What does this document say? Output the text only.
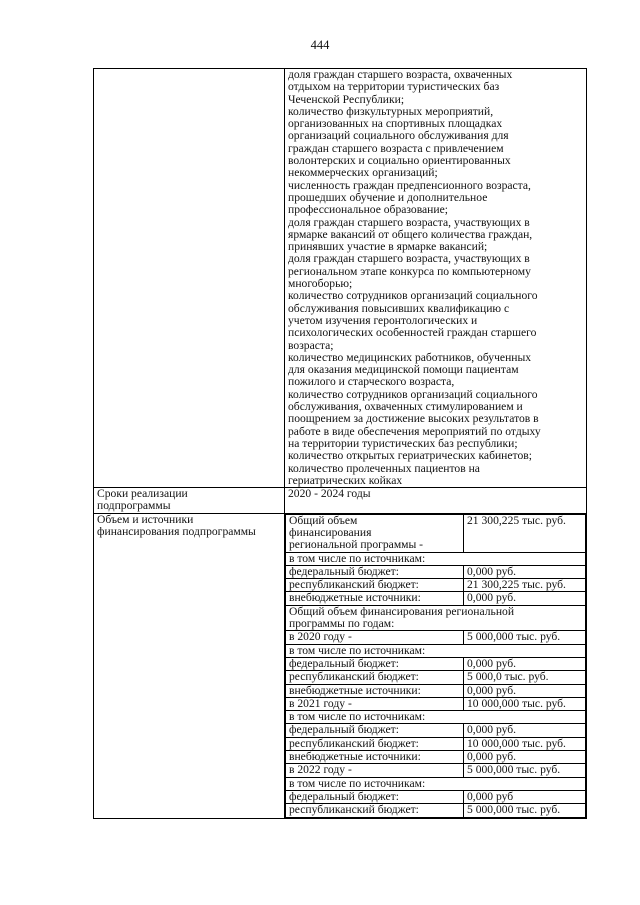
444

доля граждан старшего возраста, охваченных
отдыхом на территории туристических баз
Чеченской Республики;
количество физкультурных мероприятий,
организованных на спортивных площадках
организаций социального обслуживания для
граждан старшего возраста с привлечением
волонтерских и социально ориентированных
некоммерческих организаций;
численность граждан предпенсионного возраста,
прошедших обучение и дополнительное
профессиональное образование;
доля граждан старшего возраста, участвующих в
ярмарке вакансий от общего количества граждан,
принявших участие в ярмарке вакансий;
доля граждан старшего возраста, участвующих в
региональном этапе конкурса по компьютерному
многоборью;
количество сотрудников организаций социального
обслуживания повысивших квалификацию с
учетом изучения геронтологических и
психологических особенностей граждан старшего
возраста;
количество медицинских работников, обученных
для оказания медицинской помощи пациентам
пожилого и старческого возраста,
количество сотрудников организаций социального
обслуживания, охваченных стимулированием и
поощрением за достижение высоких результатов в
работе в виде обеспечения мероприятий по отдыху
на территории туристических баз республики;
количество открытых гериатрических кабинетов;
количество пролеченных пациентов на
гериатрических койках

Сроки реализации
подпрограммы
	2020 - 2024 годы

Объем и источники
финансирования подпрограммы

Общий объем
финансирования
региональной программы -
	21 300,225 тыс. руб.
в том числе по источникам:
федеральный бюджет:	0,000 руб.
республиканский бюджет:	21 300,225 тыс. руб.
внебюджетные источники:	0,000 руб.

Общий объем финансирования региональной
программы по годам:

в 2020 году -	5 000,000 тыс. руб.
в том числе по источникам:
федеральный бюджет:	0,000 руб.
республиканский бюджет:	5 000,0 тыс. руб.
внебюджетные источники:	0,000 руб.
в 2021 году -	10 000,000 тыс. руб.
в том числе по источникам:
федеральный бюджет:	0,000 руб.
республиканский бюджет:	10 000,000 тыс. руб.
внебюджетные источники:	0,000 руб.
в 2022 году -	5 000,000 тыс. руб.
в том числе по источникам:
федеральный бюджет:	0,000 руб
республиканский бюджет:	5 000,000 тыс. руб.
